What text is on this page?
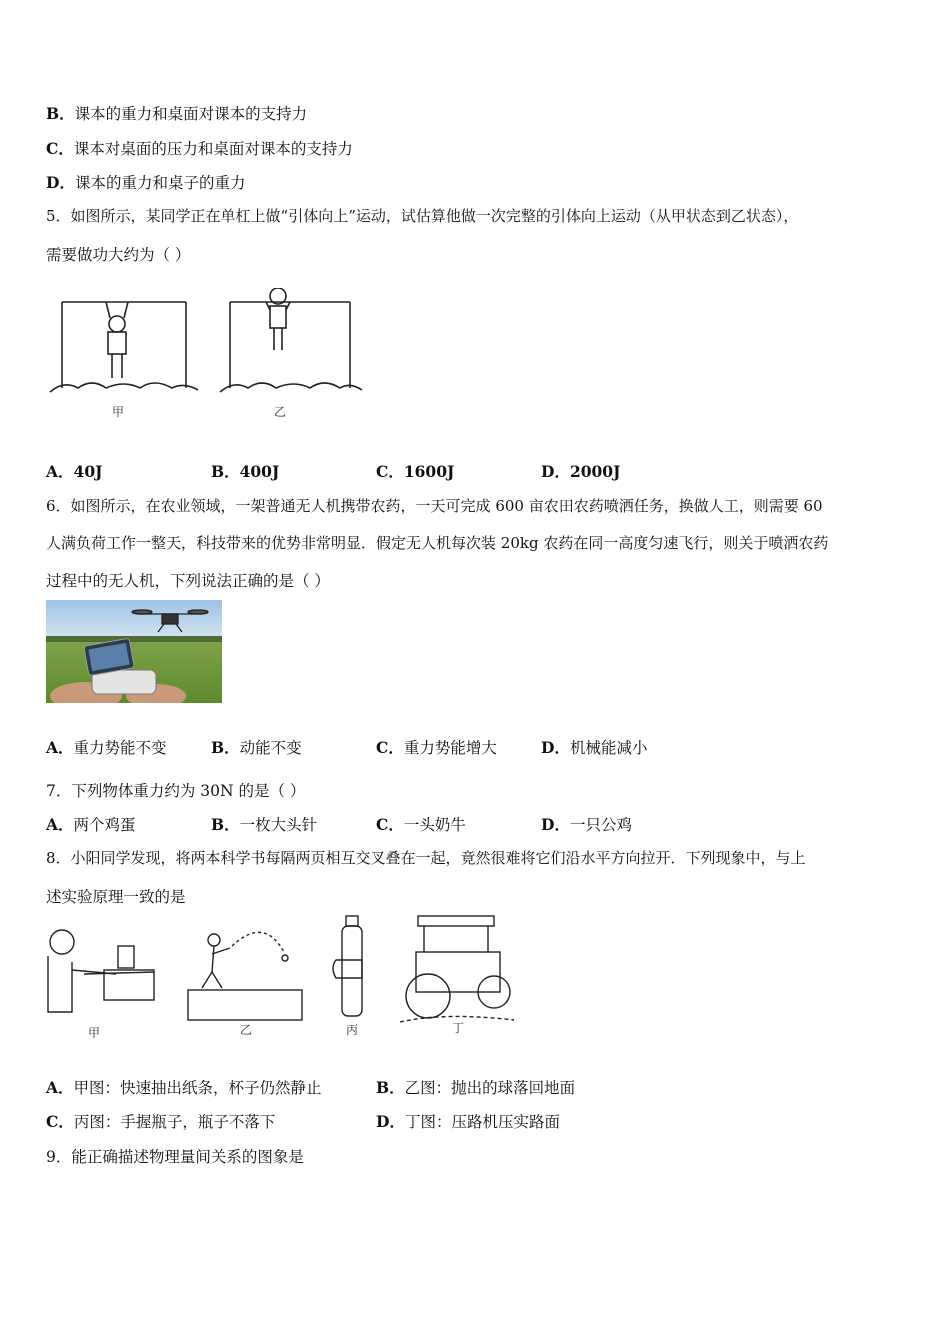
B．课本的重力和桌面对课本的支持力
C．课本对桌面的压力和桌面对课本的支持力
D．课本的重力和桌子的重力
5．如图所示，某同学正在单杠上做“引体向上”运动，试估算他做一次完整的引体向上运动（从甲状态到乙状态），
需要做功大约为（ ）
甲	乙
A．40J	B．400J	C．1600J	D．2000J
6．如图所示，在农业领域，一架普通无人机携带农药，一天可完成 600 亩农田农药喷洒任务，换做人工，则需要 60
人满负荷工作一整天，科技带来的优势非常明显．假定无人机每次装 20kg 农药在同一高度匀速飞行，则关于喷洒农药
过程中的无人机，下列说法正确的是（ ）
A．重力势能不变	B．动能不变	C．重力势能增大	D．机械能减小
7．下列物体重力约为 30N 的是（ ）
A．两个鸡蛋	B．一枚大头针	C．一头奶牛	D．一只公鸡
8．小阳同学发现，将两本科学书每隔两页相互交叉叠在一起，竟然很难将它们沿水平方向拉开．下列现象中，与上
述实验原理一致的是
甲	乙	丙	丁
A．甲图：快速抽出纸条，杯子仍然静止	B．乙图：抛出的球落回地面
C．丙图：手握瓶子，瓶子不落下	D．丁图：压路机压实路面
9．能正确描述物理量间关系的图象是
